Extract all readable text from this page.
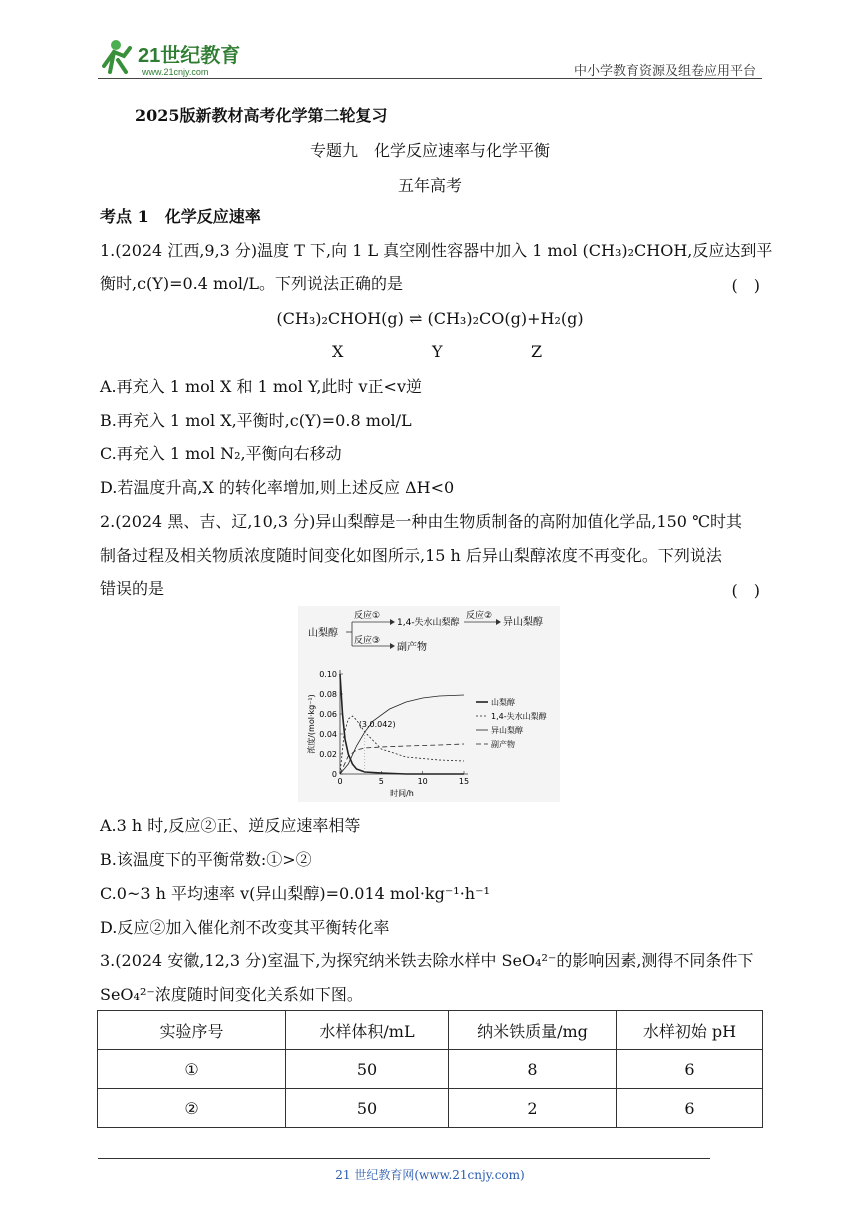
21世纪教育
www.21cnjy.com	中小学教育资源及组卷应用平台
2025版新教材高考化学第二轮复习
专题九　化学反应速率与化学平衡
五年高考
考点 1　化学反应速率
1.(2024 江西,9,3 分)温度 T 下,向 1 L 真空刚性容器中加入 1 mol (CH₃)₂CHOH,反应达到平
衡时,c(Y)=0.4 mol/L。下列说法正确的是	(　)
(CH₃)₂CHOH(g) ⇌ (CH₃)₂CO(g)+H₂(g)
X	Y	Z
A.再充入 1 mol X 和 1 mol Y,此时 v正<v逆
B.再充入 1 mol X,平衡时,c(Y)=0.8 mol/L
C.再充入 1 mol N₂,平衡向右移动
D.若温度升高,X 的转化率增加,则上述反应 ΔH<0
2.(2024 黑、吉、辽,10,3 分)异山梨醇是一种由生物质制备的高附加值化学品,150 ℃时其
制备过程及相关物质浓度随时间变化如图所示,15 h 后异山梨醇浓度不再变化。下列说法
错误的是	(　)
山梨醇
反应①
反应③
1,4-失水山梨醇
反应②
异山梨醇
副产物
0
0.02
0.04
0.06
0.08
0.10
0	5	10	15
时间/h
浓度/(mol·kg⁻¹)	山梨醇
1,4-失水山梨醇
异山梨醇
副产物
(3,0.042)
A.3 h 时,反应②正、逆反应速率相等
B.该温度下的平衡常数:①>②
C.0~3 h 平均速率 v(异山梨醇)=0.014 mol·kg⁻¹·h⁻¹
D.反应②加入催化剂不改变其平衡转化率
3.(2024 安徽,12,3 分)室温下,为探究纳米铁去除水样中 SeO₄²⁻的影响因素,测得不同条件下
SeO₄²⁻浓度随时间变化关系如下图。
实验序号	水样体积/mL	纳米铁质量/mg	水样初始 pH
①	50	8	6
②	50	2	6
21 世纪教育网(www.21cnjy.com)
